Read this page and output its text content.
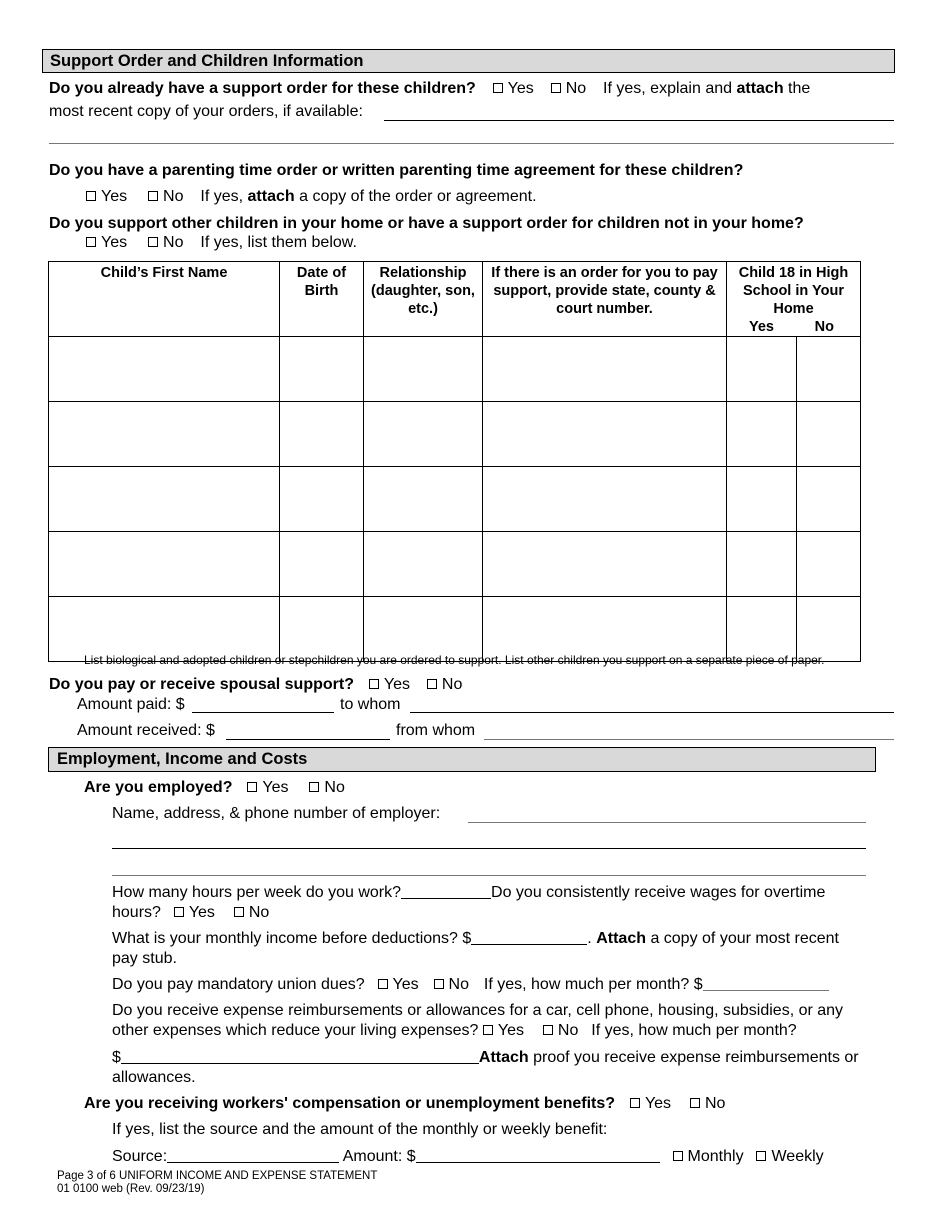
Support Order and Children Information
Do you already have a support order for these children? Yes No If yes, explain and attach the
most recent copy of your orders, if available:
Do you have a parenting time order or written parenting time agreement for these children?
Yes No If yes, attach a copy of the order or agreement.
Do you support other children in your home or have a support order for children not in your home?
Yes No If yes, list them below.
Child’s First Name	Date of Birth	Relationship (daughter, son, etc.)	If there is an order for you to pay support, provide state, county & court number.	Child 18 in High School in Your Home
Yes No	

List biological and adopted children or stepchildren you are ordered to support. List other children you support on a separate piece of paper.
Do you pay or receive spousal support? Yes No
Amount paid: $	to whom
Amount received: $	from whom
Employment, Income and Costs
Are you employed? Yes No
Name, address, & phone number of employer:
How many hours per week do you work?	Do you consistently receive wages for overtime
hours? Yes No
What is your monthly income before deductions? $	. Attach a copy of your most recent
pay stub.
Do you pay mandatory union dues? Yes No If yes, how much per month? $
Do you receive expense reimbursements or allowances for a car, cell phone, housing, subsidies, or any
other expenses which reduce your living expenses? Yes No If yes, how much per month?
$	Attach proof you receive expense reimbursements or
allowances.
Are you receiving workers' compensation or unemployment benefits? Yes No
If yes, list the source and the amount of the monthly or weekly benefit:
Source:	Amount: $	Monthly Weekly
Page 3 of 6 UNIFORM INCOME AND EXPENSE STATEMENT
01 0100 web (Rev. 09/23/19)
